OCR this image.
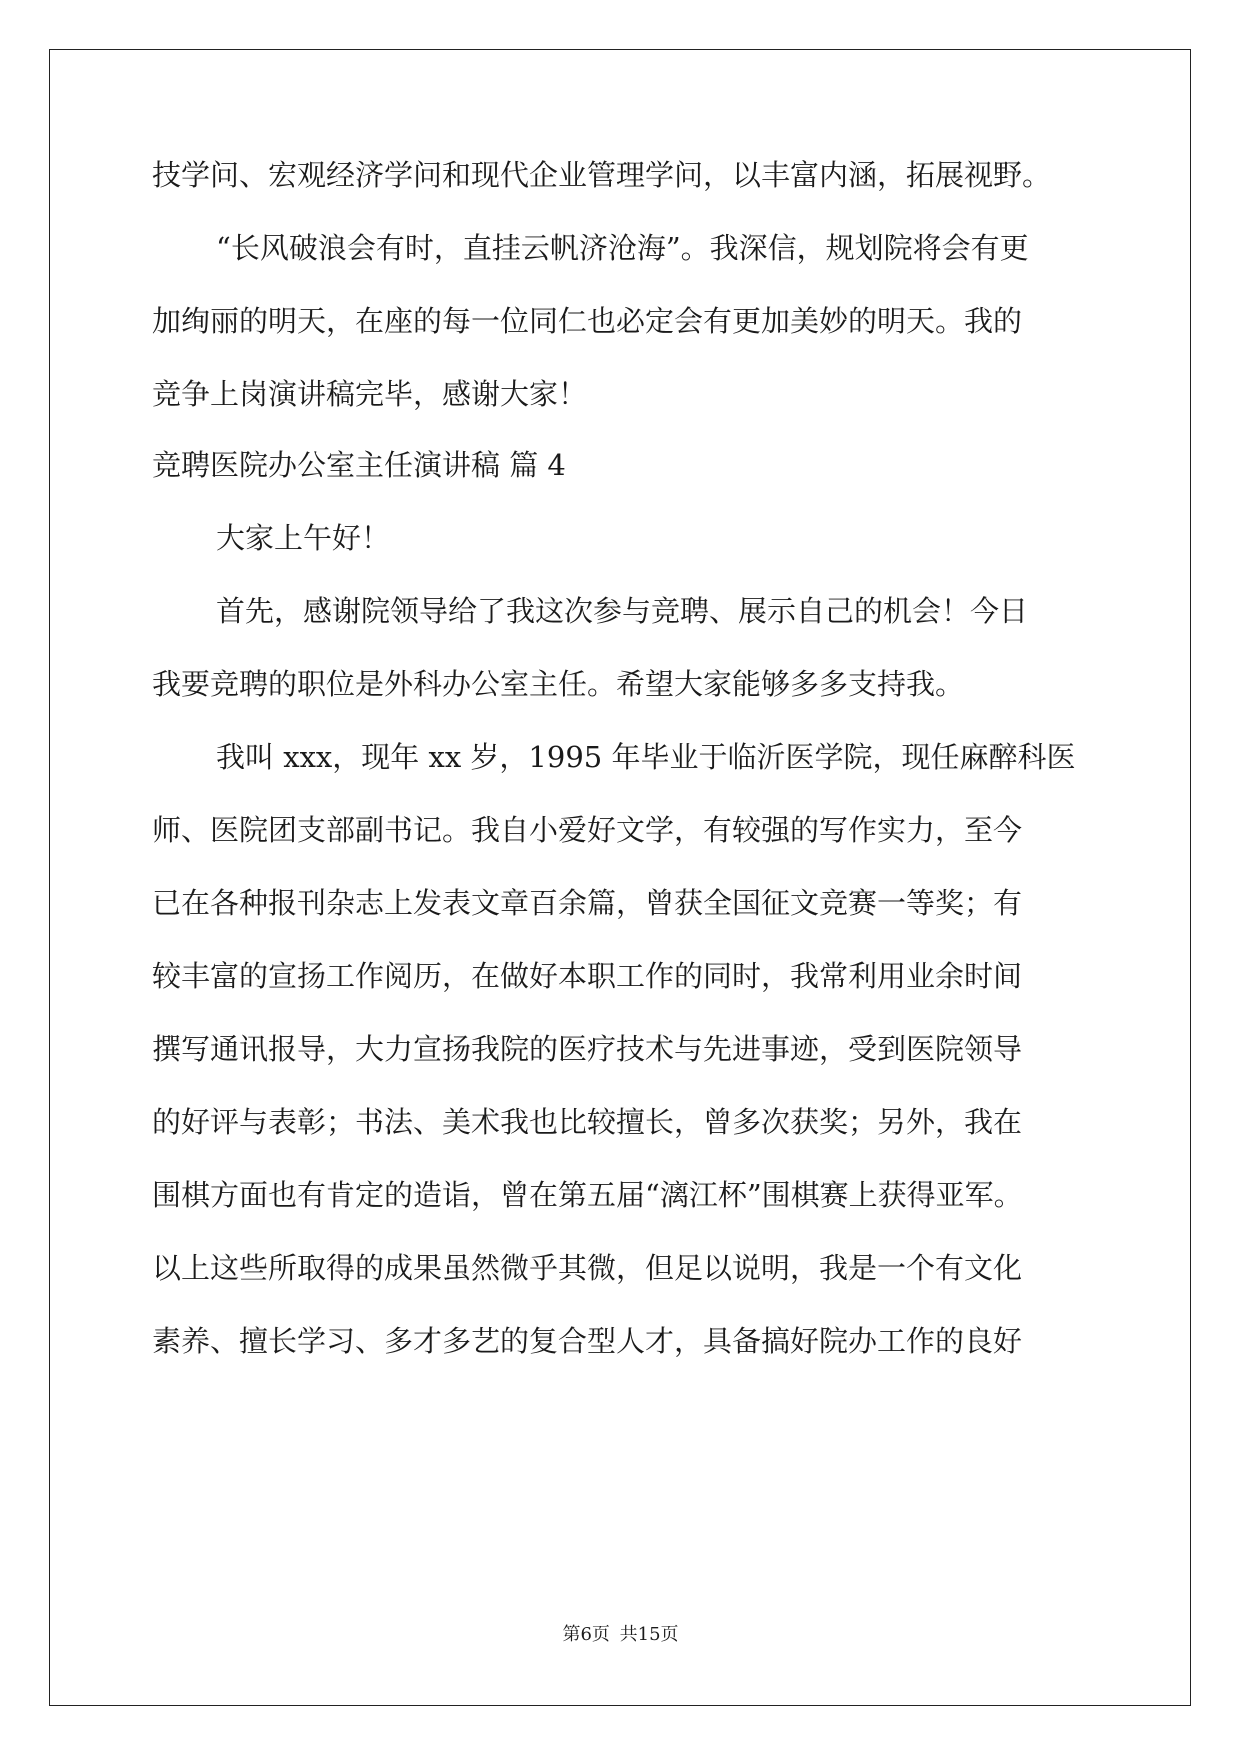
技学问、宏观经济学问和现代企业管理学问，以丰富内涵，拓展视野。
“长风破浪会有时，直挂云帆济沧海”。我深信，规划院将会有更
加绚丽的明天，在座的每一位同仁也必定会有更加美妙的明天。我的
竞争上岗演讲稿完毕，感谢大家！
竞聘医院办公室主任演讲稿 篇 4
大家上午好！
首先，感谢院领导给了我这次参与竞聘、展示自己的机会！今日
我要竞聘的职位是外科办公室主任。希望大家能够多多支持我。
我叫 xxx，现年 xx 岁，1995 年毕业于临沂医学院，现任麻醉科医
师、医院团支部副书记。我自小爱好文学，有较强的写作实力，至今
已在各种报刊杂志上发表文章百余篇，曾获全国征文竞赛一等奖；有
较丰富的宣扬工作阅历，在做好本职工作的同时，我常利用业余时间
撰写通讯报导，大力宣扬我院的医疗技术与先进事迹，受到医院领导
的好评与表彰；书法、美术我也比较擅长，曾多次获奖；另外，我在
围棋方面也有肯定的造诣，曾在第五届“漓江杯”围棋赛上获得亚军。
以上这些所取得的成果虽然微乎其微，但足以说明，我是一个有文化
素养、擅长学习、多才多艺的复合型人才，具备搞好院办工作的良好
第6页 共15页
